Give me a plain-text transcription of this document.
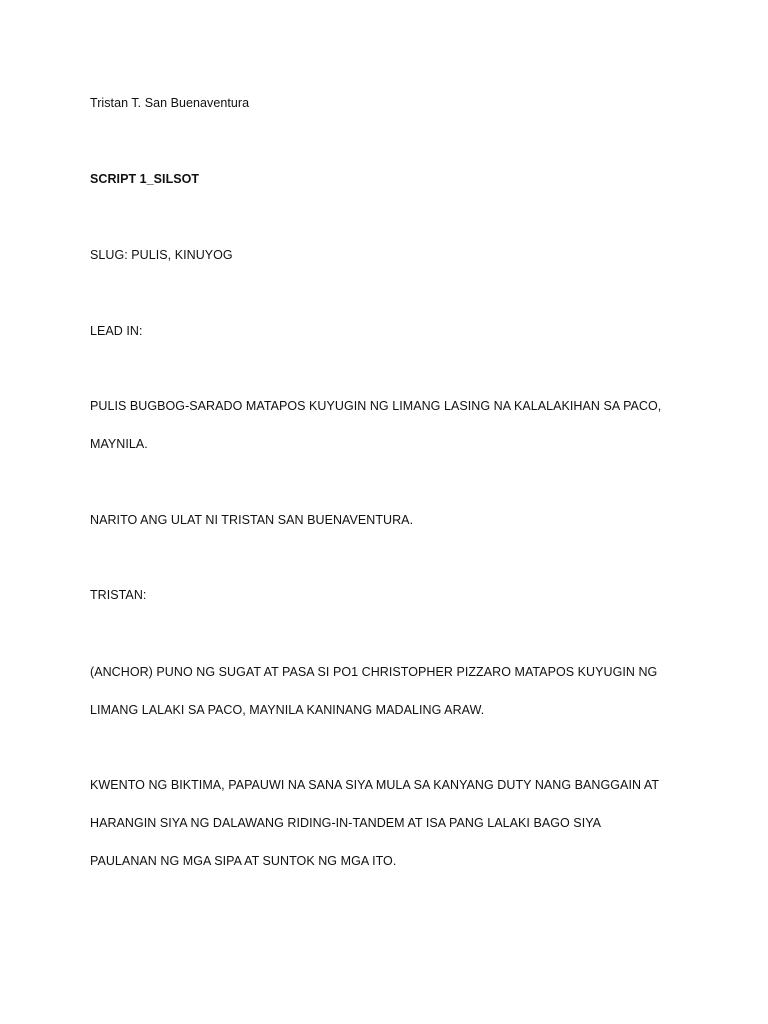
Tristan T. San Buenaventura
SCRIPT 1_SILSOT
SLUG: PULIS, KINUYOG
LEAD IN:
PULIS BUGBOG-SARADO MATAPOS KUYUGIN NG LIMANG LASING NA KALALAKIHAN SA PACO,
MAYNILA.
NARITO ANG ULAT NI TRISTAN SAN BUENAVENTURA.
TRISTAN:
(ANCHOR) PUNO NG SUGAT AT PASA SI PO1 CHRISTOPHER PIZZARO MATAPOS KUYUGIN NG
LIMANG LALAKI SA PACO, MAYNILA KANINANG MADALING ARAW.
KWENTO NG BIKTIMA, PAPAUWI NA SANA SIYA MULA SA KANYANG DUTY NANG BANGGAIN AT
HARANGIN SIYA NG DALAWANG RIDING-IN-TANDEM AT ISA PANG LALAKI BAGO SIYA
PAULANAN NG MGA SIPA AT SUNTOK NG MGA ITO.
